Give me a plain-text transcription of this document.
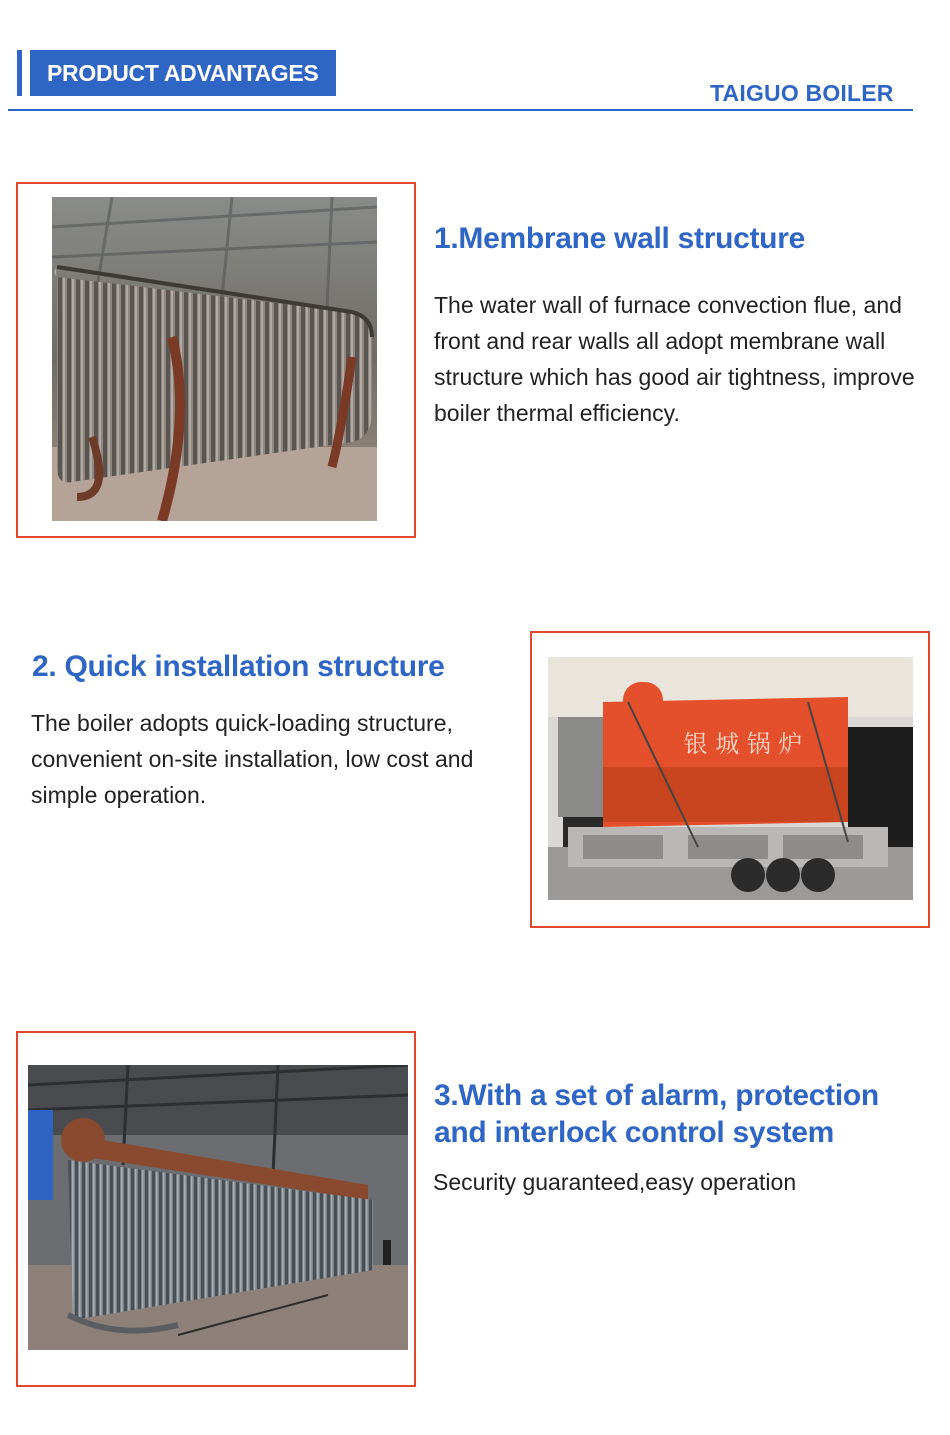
PRODUCT ADVANTAGES
TAIGUO BOILER
1.Membrane wall structure
The water wall of furnace convection flue, and front and rear walls all adopt membrane wall structure which has good air tightness, improve boiler thermal efficiency.
2. Quick installation structure
The boiler adopts quick-loading structure, convenient on-site installation, low cost and simple operation.
银 城 锅 炉
3.With a set of alarm, protection and interlock control system
Security guaranteed,easy operation
